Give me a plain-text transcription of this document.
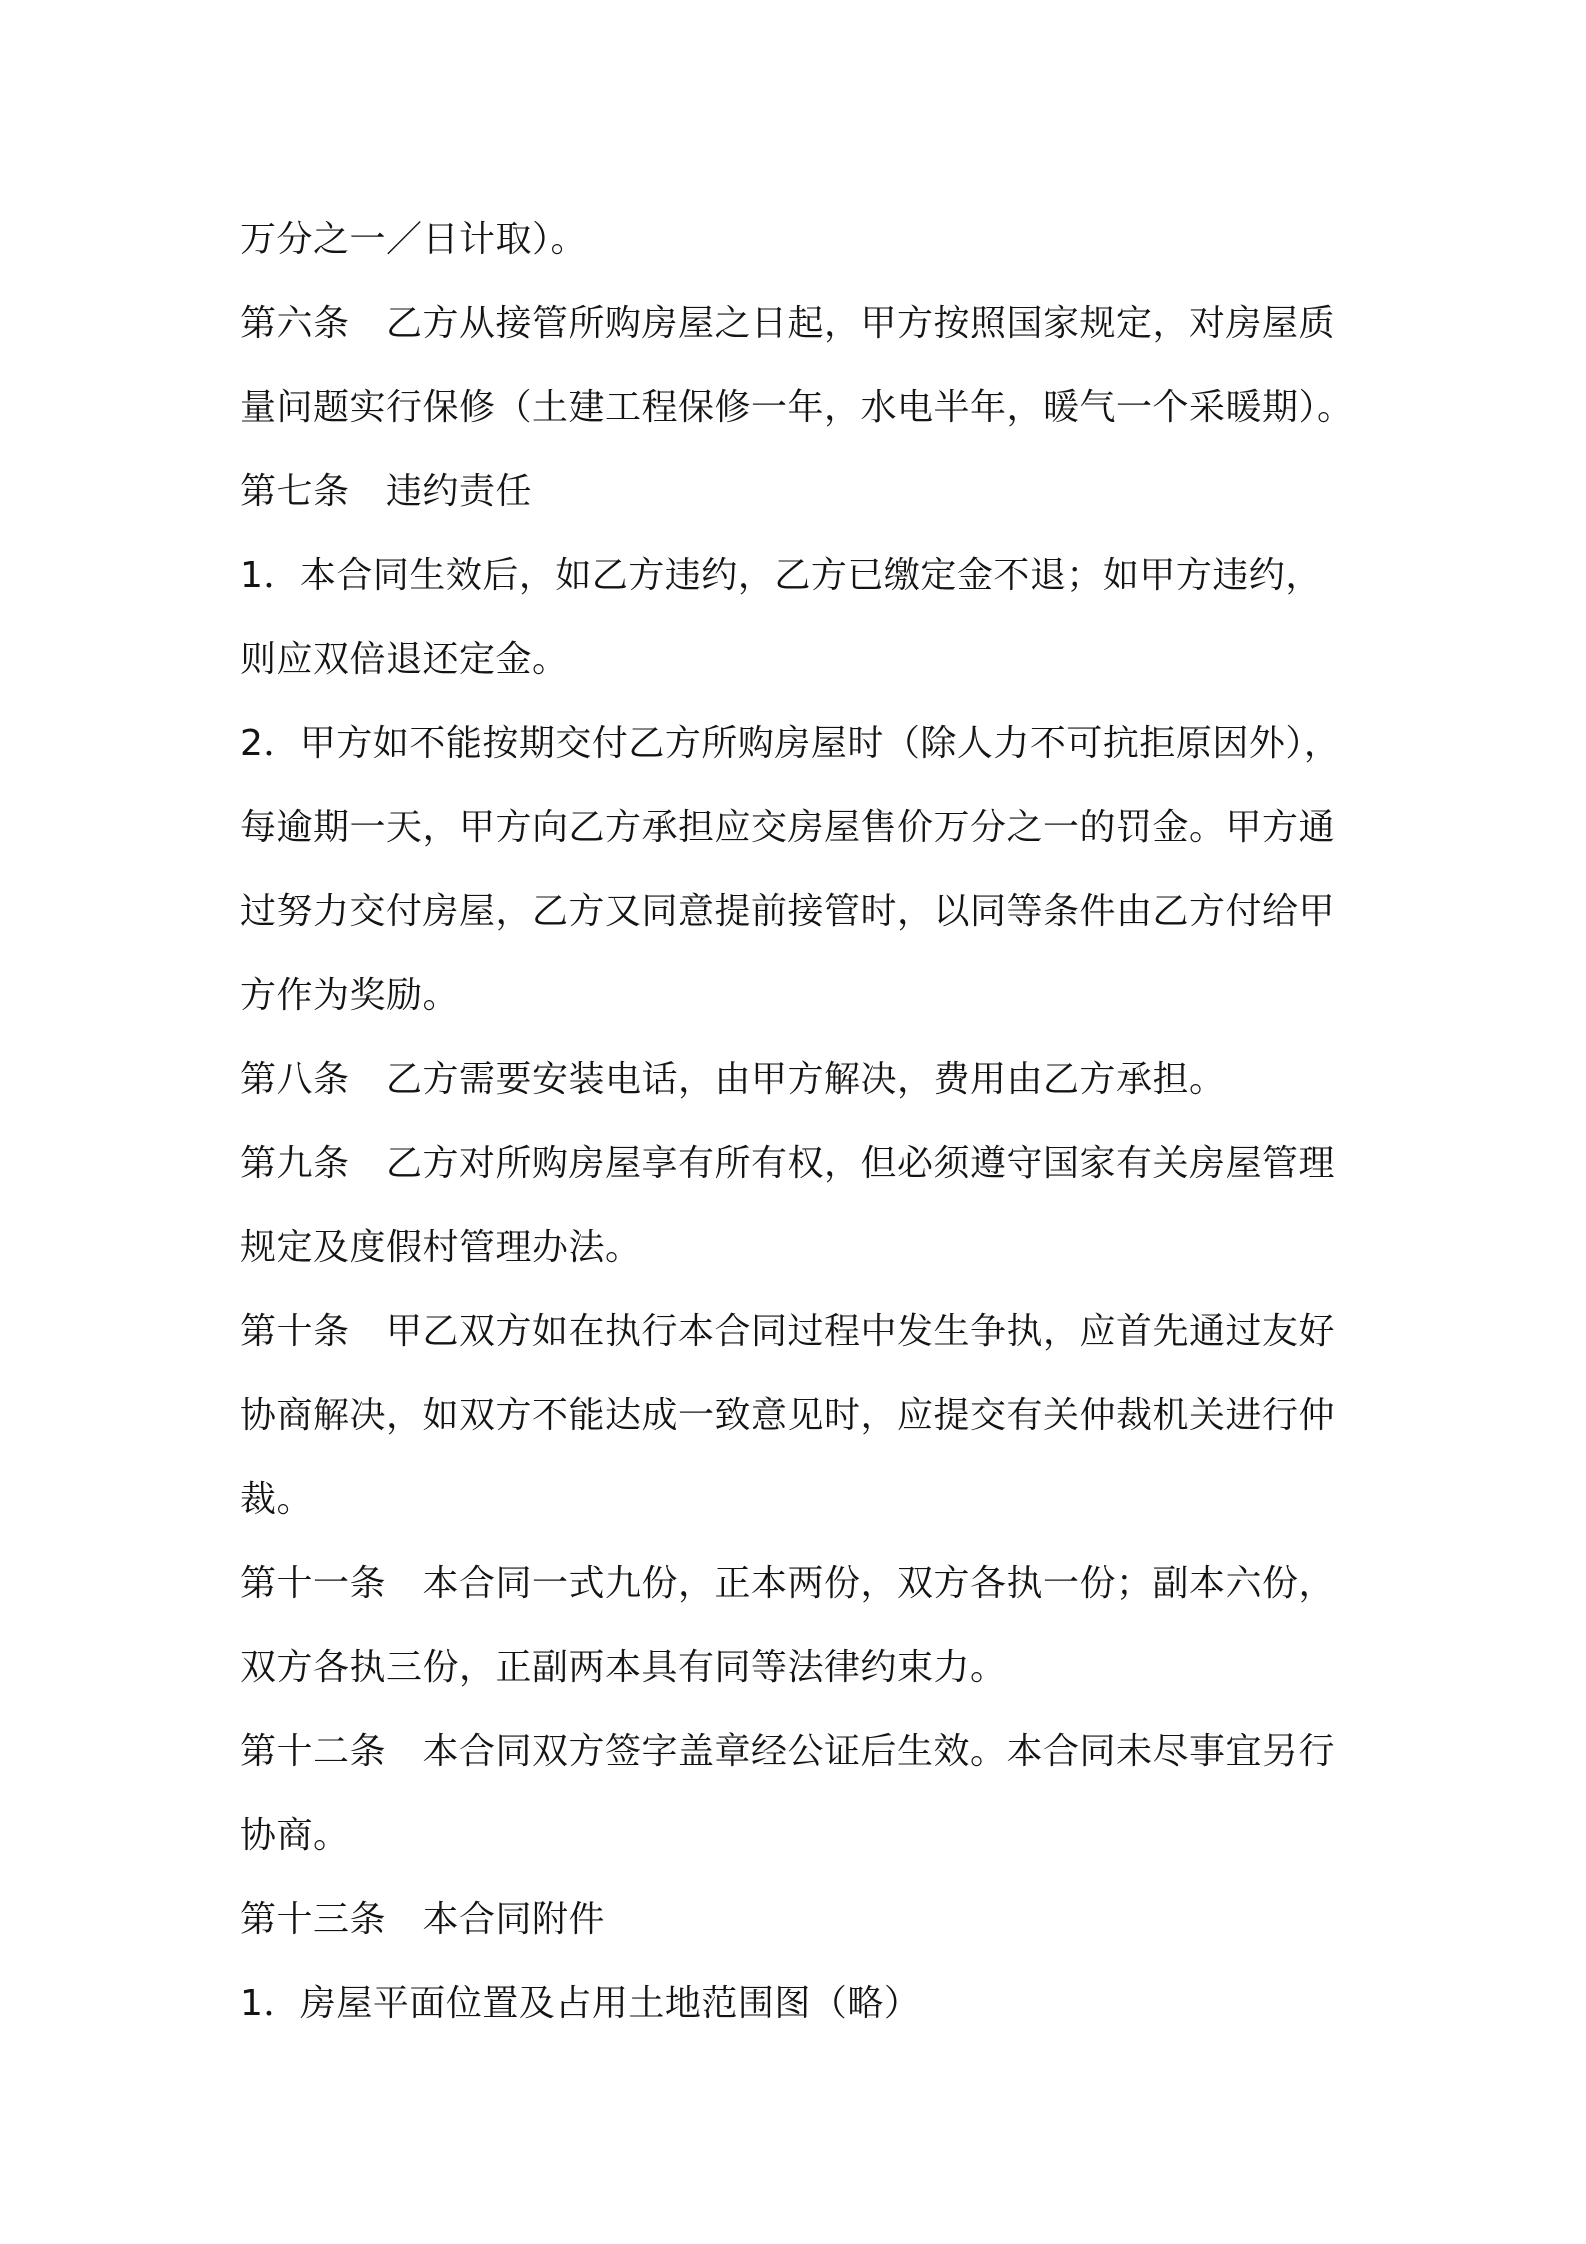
万分之一／日计取）。
第六条　乙方从接管所购房屋之日起，甲方按照国家规定，对房屋质
量问题实行保修（土建工程保修一年，水电半年，暖气一个采暖期）。
第七条　违约责任
1．本合同生效后，如乙方违约，乙方已缴定金不退；如甲方违约，
则应双倍退还定金。
2．甲方如不能按期交付乙方所购房屋时（除人力不可抗拒原因外），
每逾期一天，甲方向乙方承担应交房屋售价万分之一的罚金。甲方通
过努力交付房屋，乙方又同意提前接管时，以同等条件由乙方付给甲
方作为奖励。
第八条　乙方需要安装电话，由甲方解决，费用由乙方承担。
第九条　乙方对所购房屋享有所有权，但必须遵守国家有关房屋管理
规定及度假村管理办法。
第十条　甲乙双方如在执行本合同过程中发生争执，应首先通过友好
协商解决，如双方不能达成一致意见时，应提交有关仲裁机关进行仲
裁。
第十一条　本合同一式九份，正本两份，双方各执一份；副本六份，
双方各执三份，正副两本具有同等法律约束力。
第十二条　本合同双方签字盖章经公证后生效。本合同未尽事宜另行
协商。
第十三条　本合同附件
1．房屋平面位置及占用土地范围图（略）
